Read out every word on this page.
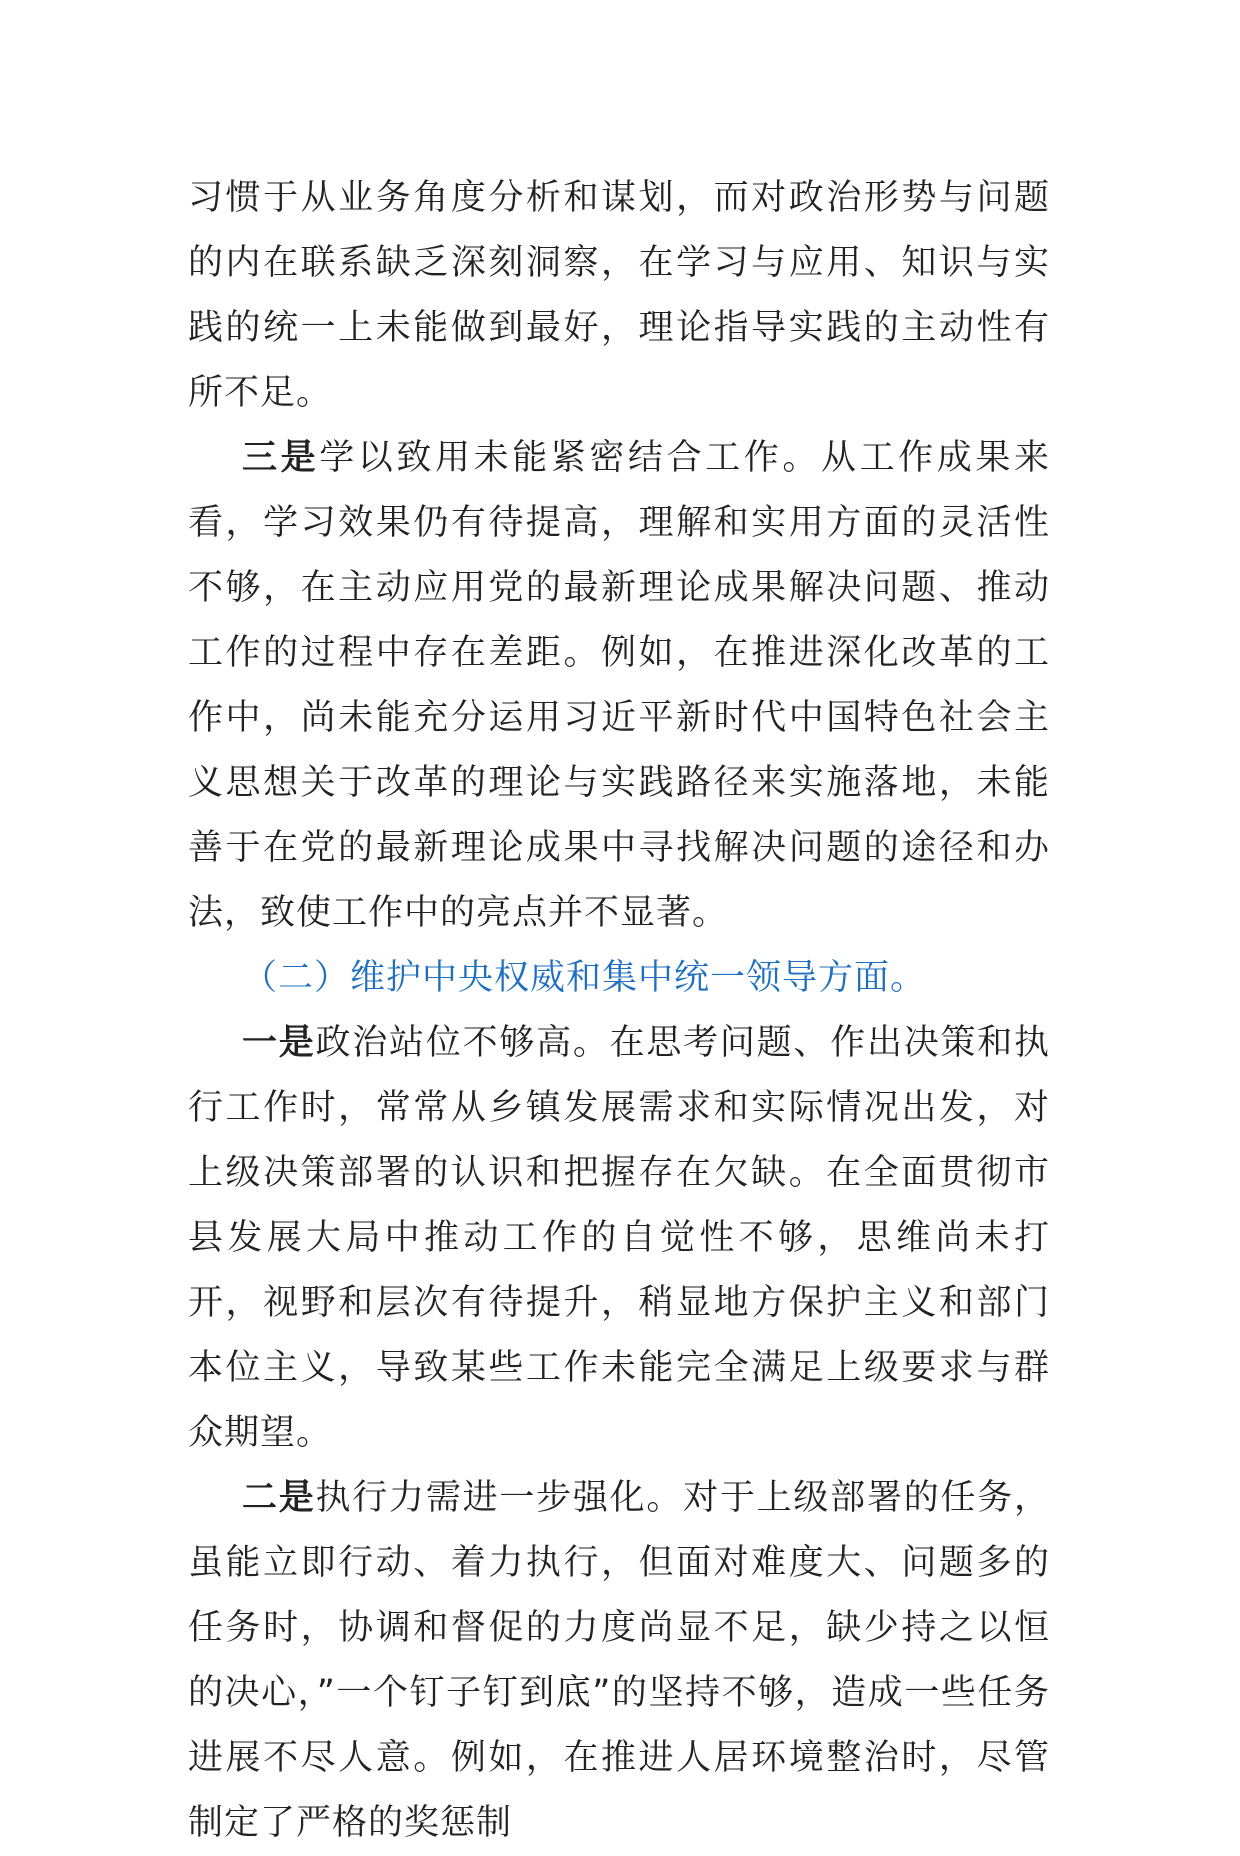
习惯于从业务角度分析和谋划，而对政治形势与问题的内在联系缺乏深刻洞察，在学习与应用、知识与实践的统一上未能做到最好，理论指导实践的主动性有所不足。

三是学以致用未能紧密结合工作。从工作成果来看，学习效果仍有待提高，理解和实用方面的灵活性不够，在主动应用党的最新理论成果解决问题、推动工作的过程中存在差距。例如，在推进深化改革的工作中，尚未能充分运用习近平新时代中国特色社会主义思想关于改革的理论与实践路径来实施落地，未能善于在党的最新理论成果中寻找解决问题的途径和办法，致使工作中的亮点并不显著。

（二）维护中央权威和集中统一领导方面。

一是政治站位不够高。在思考问题、作出决策和执行工作时，常常从乡镇发展需求和实际情况出发，对上级决策部署的认识和把握存在欠缺。在全面贯彻市县发展大局中推动工作的自觉性不够，思维尚未打开，视野和层次有待提升，稍显地方保护主义和部门本位主义，导致某些工作未能完全满足上级要求与群众期望。

二是执行力需进一步强化。对于上级部署的任务，虽能立即行动、着力执行，但面对难度大、问题多的任务时，协调和督促的力度尚显不足，缺少持之以恒的决心，”一个钉子钉到底”的坚持不够，造成一些任务进展不尽人意。例如，在推进人居环境整治时，尽管制定了严格的奖惩制
